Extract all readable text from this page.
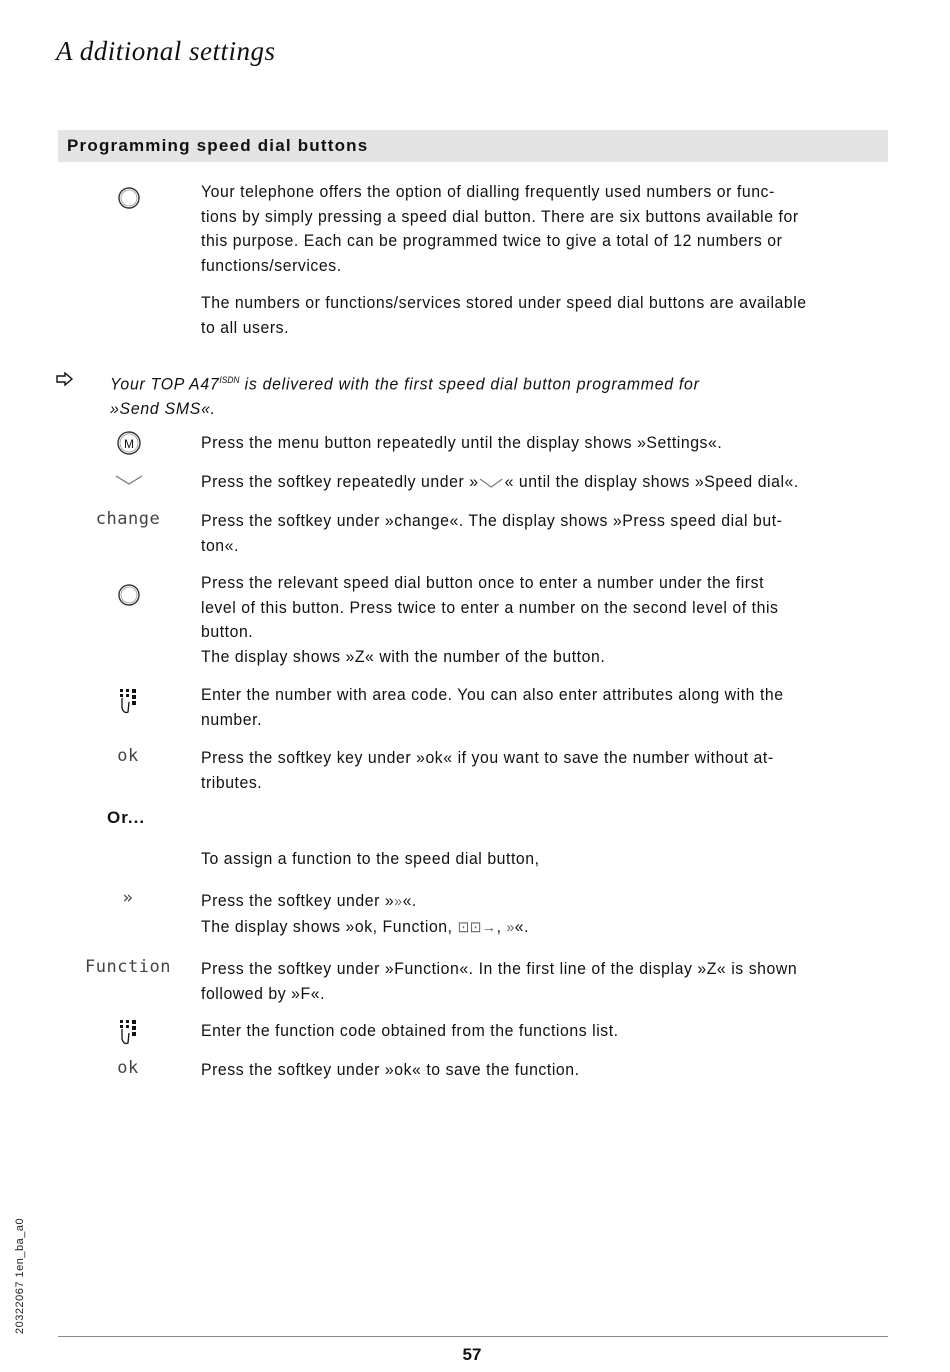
A dditional settings
Programming speed dial buttons
Your telephone offers the option of dialling frequently used numbers or func-
tions by simply pressing a speed dial button. There are six buttons available for
this purpose. Each can be programmed twice to give a total of 12 numbers or
functions/services.
The numbers or functions/services stored under speed dial buttons are available
to all users.
Your TOP $A47^{ISDN}$ is delivered with the first speed dial button programmed for
»Send SMS«.
M	Press the menu button repeatedly until the display shows »Settings«.
Press the softkey repeatedly under » « until the display shows »Speed dial«.
change	Press the softkey under »change«. The display shows »Press speed dial but-
ton«.
Press the relevant speed dial button once to enter a number under the first
level of this button. Press twice to enter a number on the second level of this
button.
The display shows »Z« with the number of the button.
Enter the number with area code. You can also enter attributes along with the
number.
ok	Press the softkey key under »ok« if you want to save the number without at-
tributes.
Or...
To assign a function to the speed dial button,
»	Press the softkey under »»«.
The display shows »ok, Function, ⊡⊡→, »«.
Function	Press the softkey under »Function«. In the first line of the display »Z« is shown
followed by »F«.
Enter the function code obtained from the functions list.
ok	Press the softkey under »ok« to save the function.
20322067 1en_ba_a0
57
